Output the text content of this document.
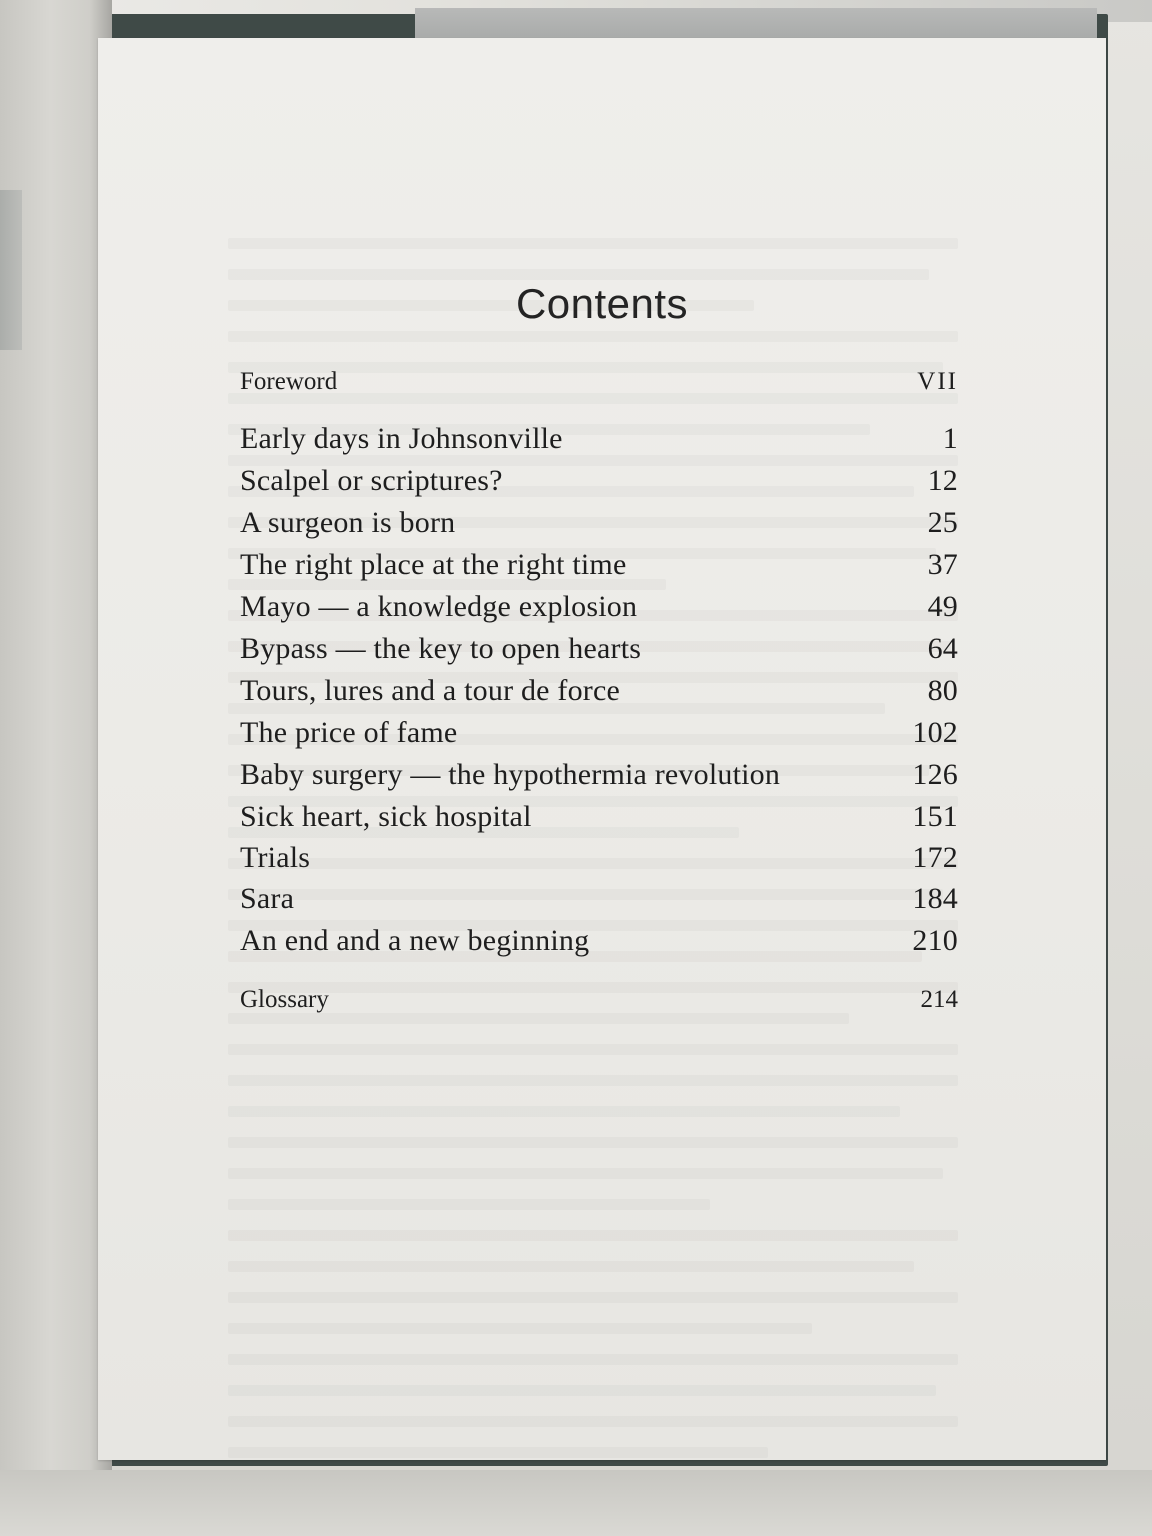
Contents
Foreword	VII
Early days in Johnsonville	1
Scalpel or scriptures?	12
A surgeon is born	25
The right place at the right time	37
Mayo — a knowledge explosion	49
Bypass — the key to open hearts	64
Tours, lures and a tour de force	80
The price of fame	102
Baby surgery — the hypothermia revolution	126
Sick heart, sick hospital	151
Trials	172
Sara	184
An end and a new beginning	210
Glossary	214
